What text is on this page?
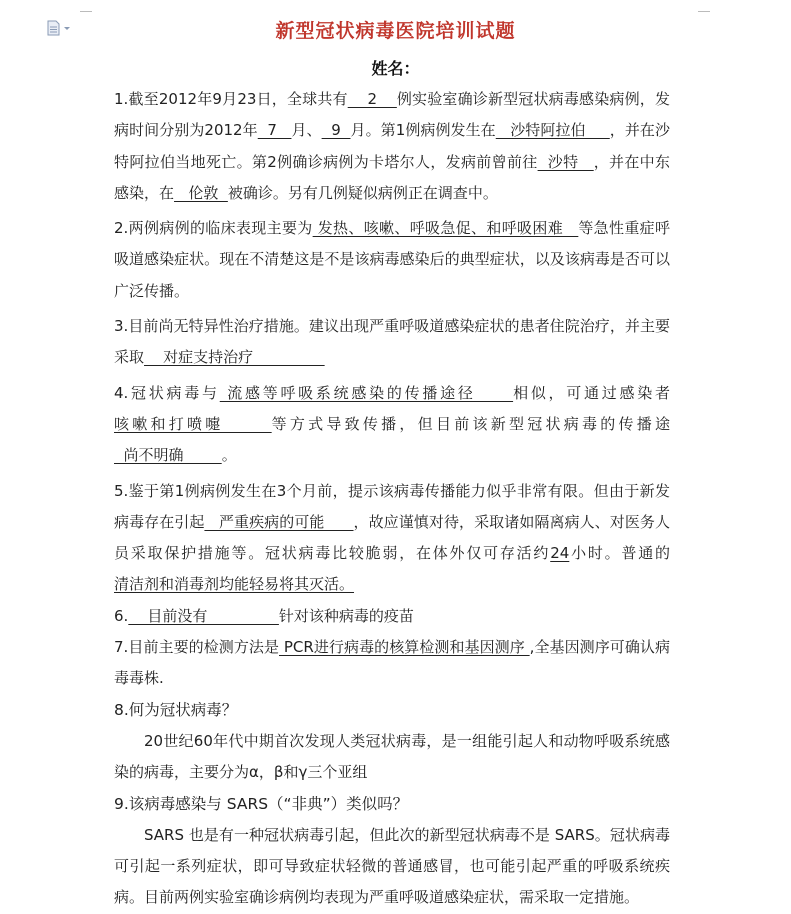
新型冠状病毒医院培训试题
姓名：

1.截至2012年9月23日，全球共有    2    例实验室确诊新型冠状病毒感染病例，发病时间分别为2012年  7   月、  9  月。第1例病例发生在   沙特阿拉伯     ，并在沙特阿拉伯当地死亡。第2例确诊病例为卡塔尔人，发病前曾前往  沙特   ，并在中东感染，在   伦敦  被确诊。另有几例疑似病例正在调查中。

2.两例病例的临床表现主要为 发热、咳嗽、呼吸急促、和呼吸困难   等急性重症呼吸道感染症状。现在不清楚这是不是该病毒感染后的典型症状，以及该病毒是否可以广泛传播。

3.目前尚无特异性治疗措施。建议出现严重呼吸道感染症状的患者住院治疗，并主要采取    对症支持治疗

4.冠状病毒与 流感等呼吸系统感染的传播途径     相似，可通过感染者咳嗽和打喷嚏      等方式导致传播，但目前该新型冠状病毒的传播途  尚不明确        。

5.鉴于第1例病例发生在3个月前，提示该病毒传播能力似乎非常有限。但由于新发病毒存在引起   严重疾病的可能      ，故应谨慎对待，采取诸如隔离病人、对医务人员采取保护措施等。冠状病毒比较脆弱，在体外仅可存活约24小时。普通的清洁剂和消毒剂均能轻易将其灭活。

6.    目前没有               针对该种病毒的疫苗

7.目前主要的检测方法是 PCR进行病毒的核算检测和基因测序 ,全基因测序可确认病毒毒株.

8.何为冠状病毒？

20世纪60年代中期首次发现人类冠状病毒，是一组能引起人和动物呼吸系统感染的病毒，主要分为α，β和γ三个亚组

9.该病毒感染与 SARS（“非典”）类似吗？

SARS 也是有一种冠状病毒引起，但此次的新型冠状病毒不是 SARS。冠状病毒可引起一系列症状，即可导致症状轻微的普通感冒，也可能引起严重的呼吸系统疾病。目前两例实验室确诊病例均表现为严重呼吸道感染症状，需采取一定措施。
